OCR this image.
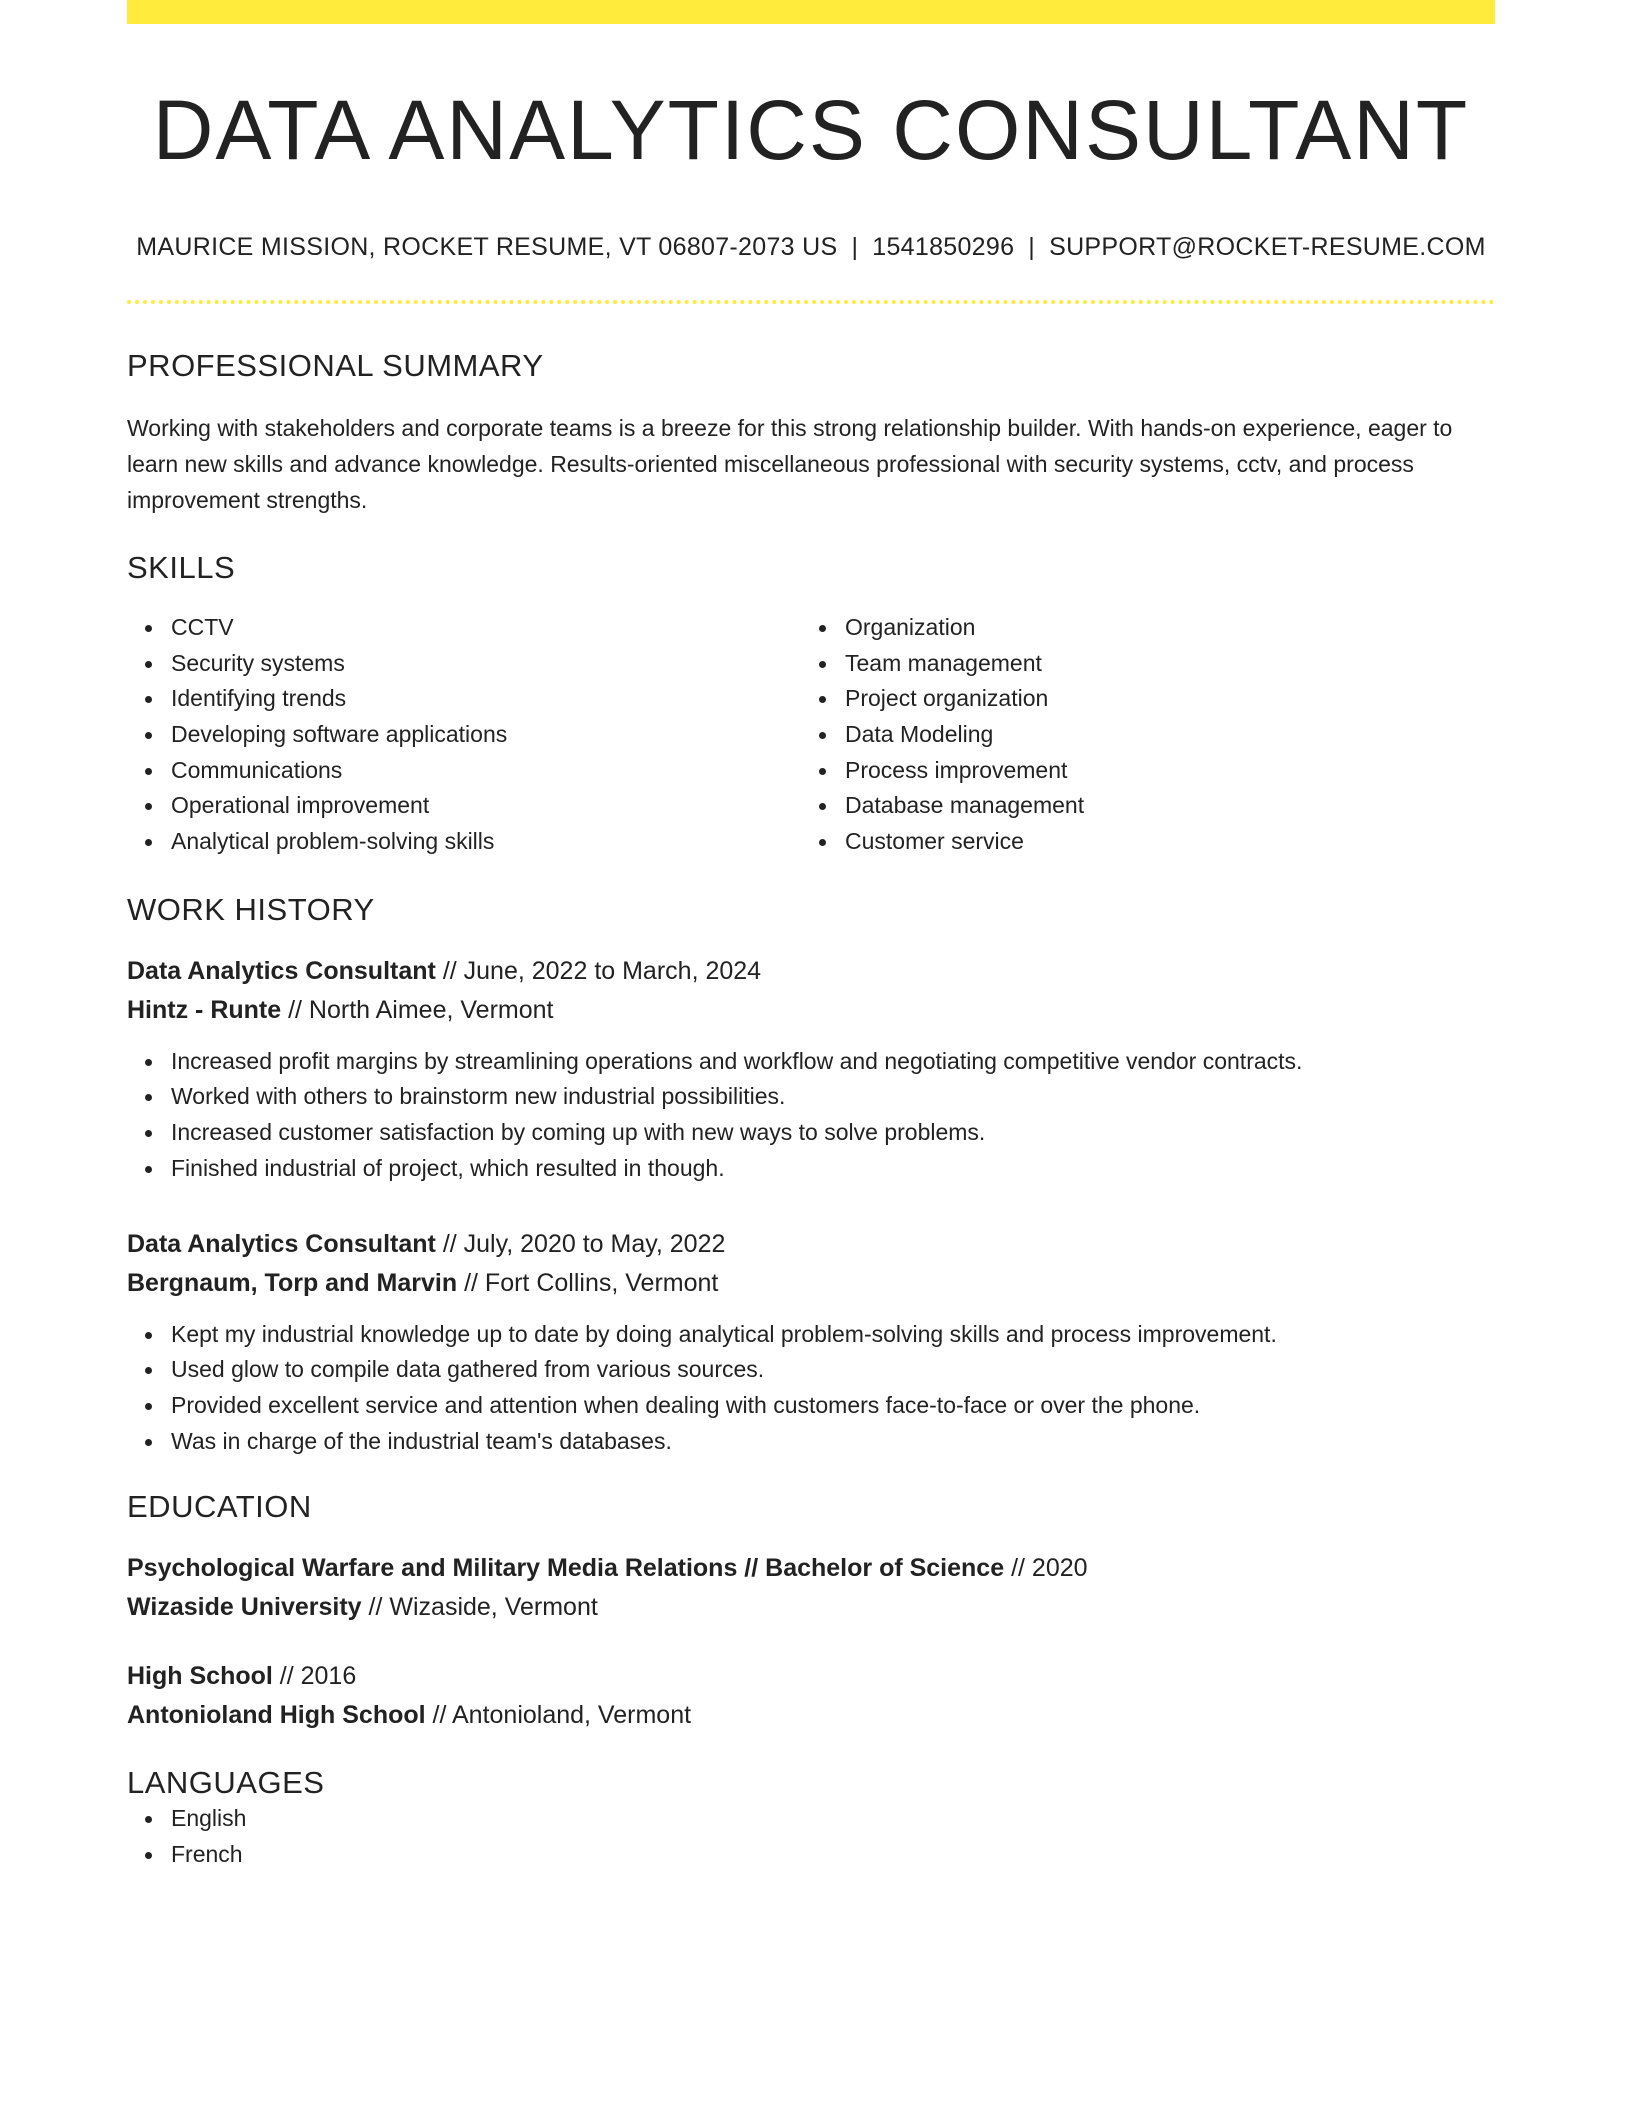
DATA ANALYTICS CONSULTANT
MAURICE MISSION, ROCKET RESUME, VT 06807-2073 US | 1541850296 | SUPPORT@ROCKET-RESUME.COM
PROFESSIONAL SUMMARY
Working with stakeholders and corporate teams is a breeze for this strong relationship builder. With hands-on experience, eager to learn new skills and advance knowledge. Results-oriented miscellaneous professional with security systems, cctv, and process improvement strengths.
SKILLS
CCTV
Security systems
Identifying trends
Developing software applications
Communications
Operational improvement
Analytical problem-solving skills
Organization
Team management
Project organization
Data Modeling
Process improvement
Database management
Customer service
WORK HISTORY
Data Analytics Consultant // June, 2022 to March, 2024
Hintz - Runte // North Aimee, Vermont
Increased profit margins by streamlining operations and workflow and negotiating competitive vendor contracts.
Worked with others to brainstorm new industrial possibilities.
Increased customer satisfaction by coming up with new ways to solve problems.
Finished industrial of project, which resulted in though.
Data Analytics Consultant // July, 2020 to May, 2022
Bergnaum, Torp and Marvin // Fort Collins, Vermont
Kept my industrial knowledge up to date by doing analytical problem-solving skills and process improvement.
Used glow to compile data gathered from various sources.
Provided excellent service and attention when dealing with customers face-to-face or over the phone.
Was in charge of the industrial team's databases.
EDUCATION
Psychological Warfare and Military Media Relations // Bachelor of Science // 2020
Wizaside University // Wizaside, Vermont
High School // 2016
Antonioland High School // Antonioland, Vermont
LANGUAGES
English
French
